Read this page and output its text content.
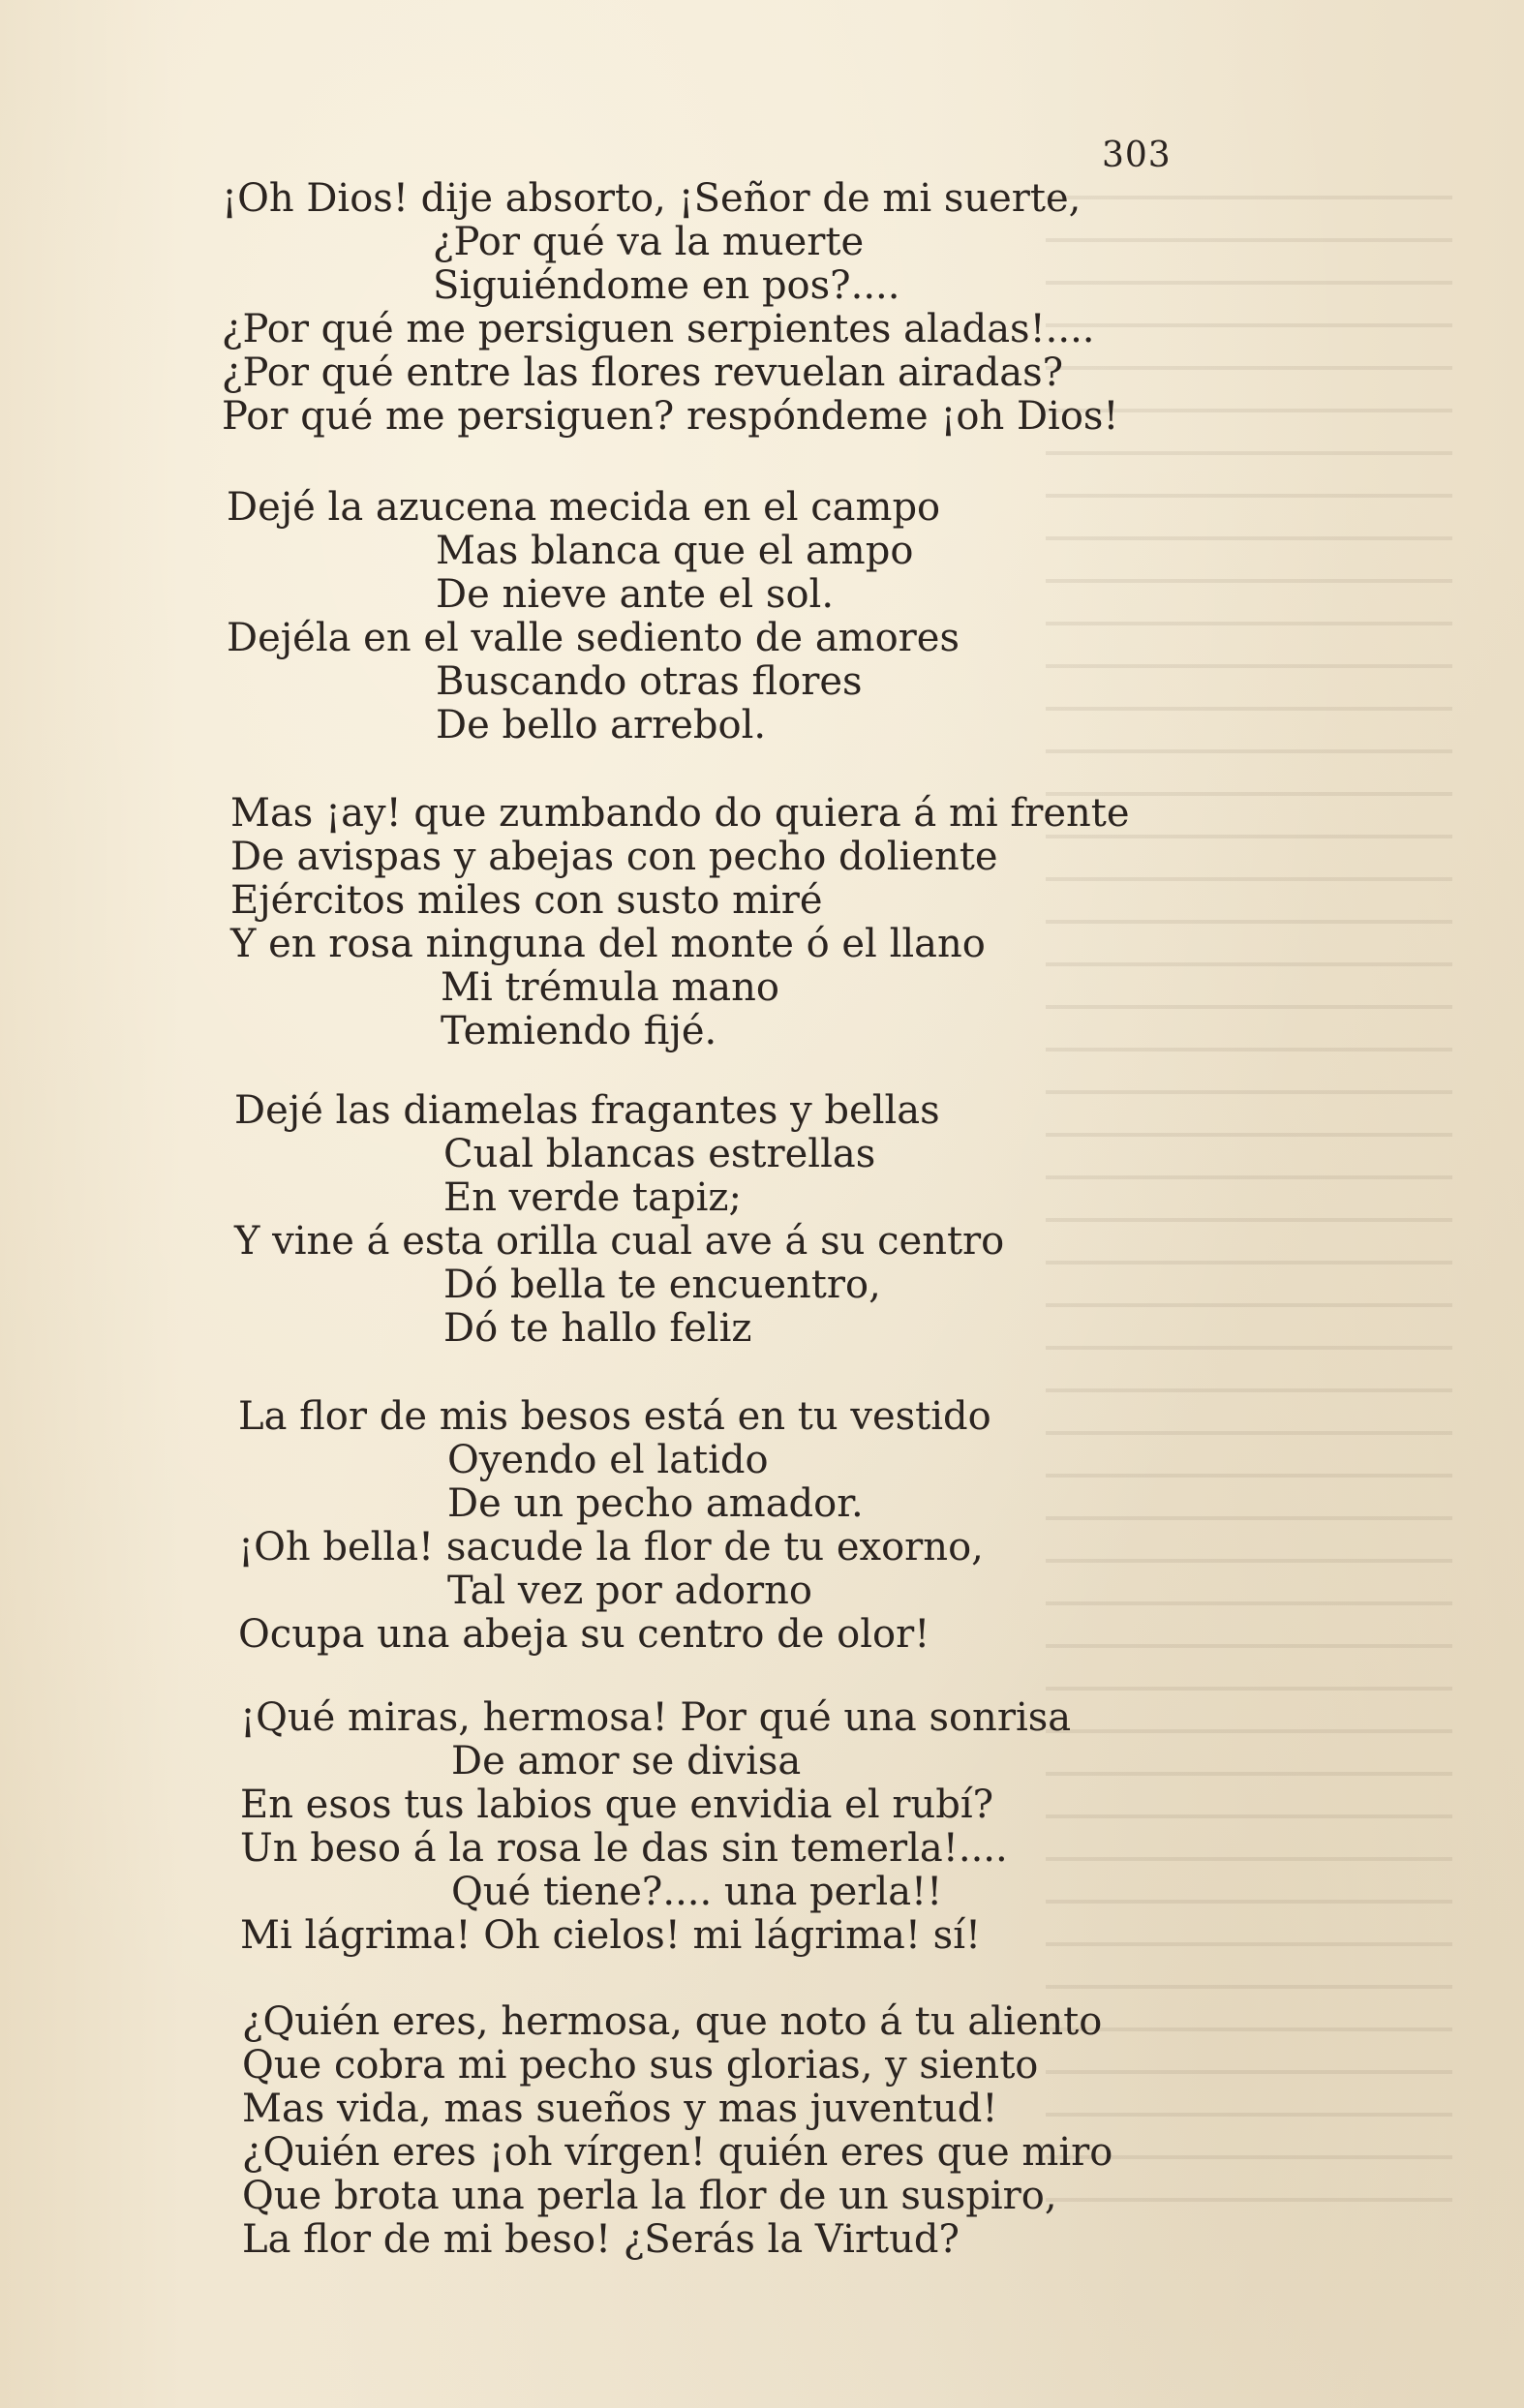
303
¡Oh Dios! dije absorto, ¡Señor de mi suerte,
¿Por qué va la muerte
Siguiéndome en pos?....
¿Por qué me persiguen serpientes aladas!....
¿Por qué entre las flores revuelan airadas?
Por qué me persiguen? respóndeme ¡oh Dios!
Dejé la azucena mecida en el campo
Mas blanca que el ampo
De nieve ante el sol.
Dejéla en el valle sediento de amores
Buscando otras flores
De bello arrebol.
Mas ¡ay! que zumbando do quiera á mi frente
De avispas y abejas con pecho doliente
Ejércitos miles con susto miré
Y en rosa ninguna del monte ó el llano
Mi trémula mano
Temiendo fijé.
Dejé las diamelas fragantes y bellas
Cual blancas estrellas
En verde tapiz;
Y vine á esta orilla cual ave á su centro
Dó bella te encuentro,
Dó te hallo feliz
La flor de mis besos está en tu vestido
Oyendo el latido
De un pecho amador.
¡Oh bella! sacude la flor de tu exorno,
Tal vez por adorno
Ocupa una abeja su centro de olor!
¡Qué miras, hermosa! Por qué una sonrisa
De amor se divisa
En esos tus labios que envidia el rubí?
Un beso á la rosa le das sin temerla!....
Qué tiene?.... una perla!!
Mi lágrima! Oh cielos! mi lágrima! sí!
¿Quién eres, hermosa, que noto á tu aliento
Que cobra mi pecho sus glorias, y siento
Mas vida, mas sueños y mas juventud!
¿Quién eres ¡oh vírgen! quién eres que miro
Que brota una perla la flor de un suspiro,
La flor de mi beso! ¿Serás la Virtud?
